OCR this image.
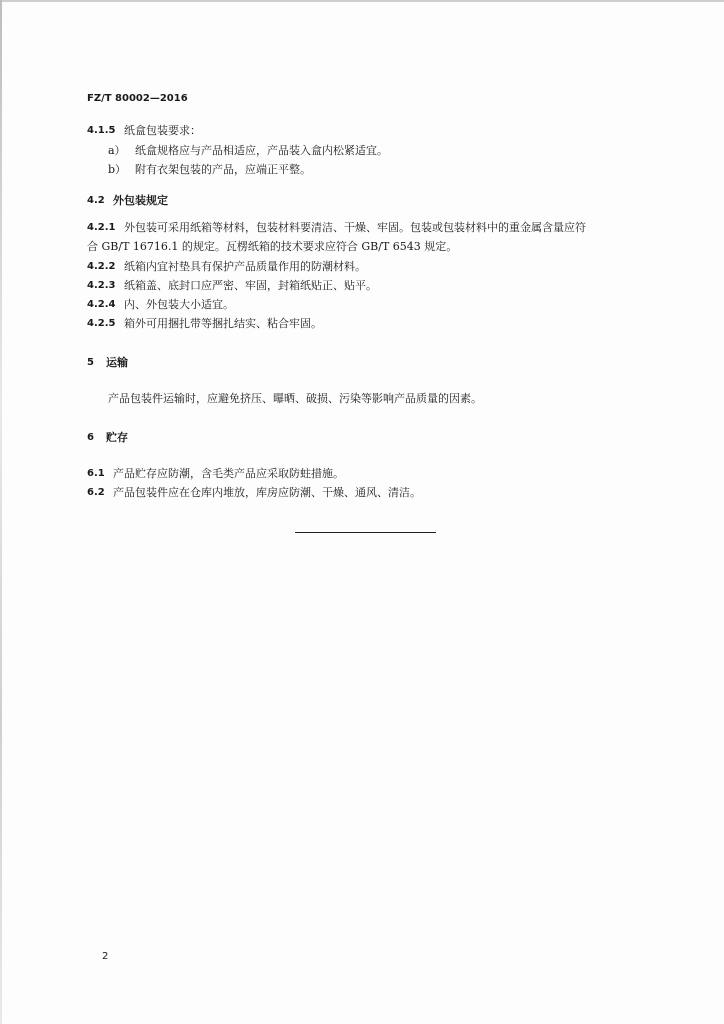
FZ/T 80002—2016
4.1.5 纸盒包装要求：
a） 纸盒规格应与产品相适应，产品装入盒内松紧适宜。
b） 附有衣架包装的产品，应端正平整。
4.2 外包装规定
4.2.1 外包装可采用纸箱等材料，包装材料要清洁、干燥、牢固。包装或包装材料中的重金属含量应符
合 GB/T 16716.1 的规定。瓦楞纸箱的技术要求应符合 GB/T 6543 规定。
4.2.2 纸箱内宜衬垫具有保护产品质量作用的防潮材料。
4.2.3 纸箱盖、底封口应严密、牢固，封箱纸贴正、贴平。
4.2.4 内、外包装大小适宜。
4.2.5 箱外可用捆扎带等捆扎结实、粘合牢固。
5 运输
产品包装件运输时，应避免挤压、曝晒、破损、污染等影响产品质量的因素。
6 贮存
6.1 产品贮存应防潮，含毛类产品应采取防蛀措施。
6.2 产品包装件应在仓库内堆放，库房应防潮、干燥、通风、清洁。
2
